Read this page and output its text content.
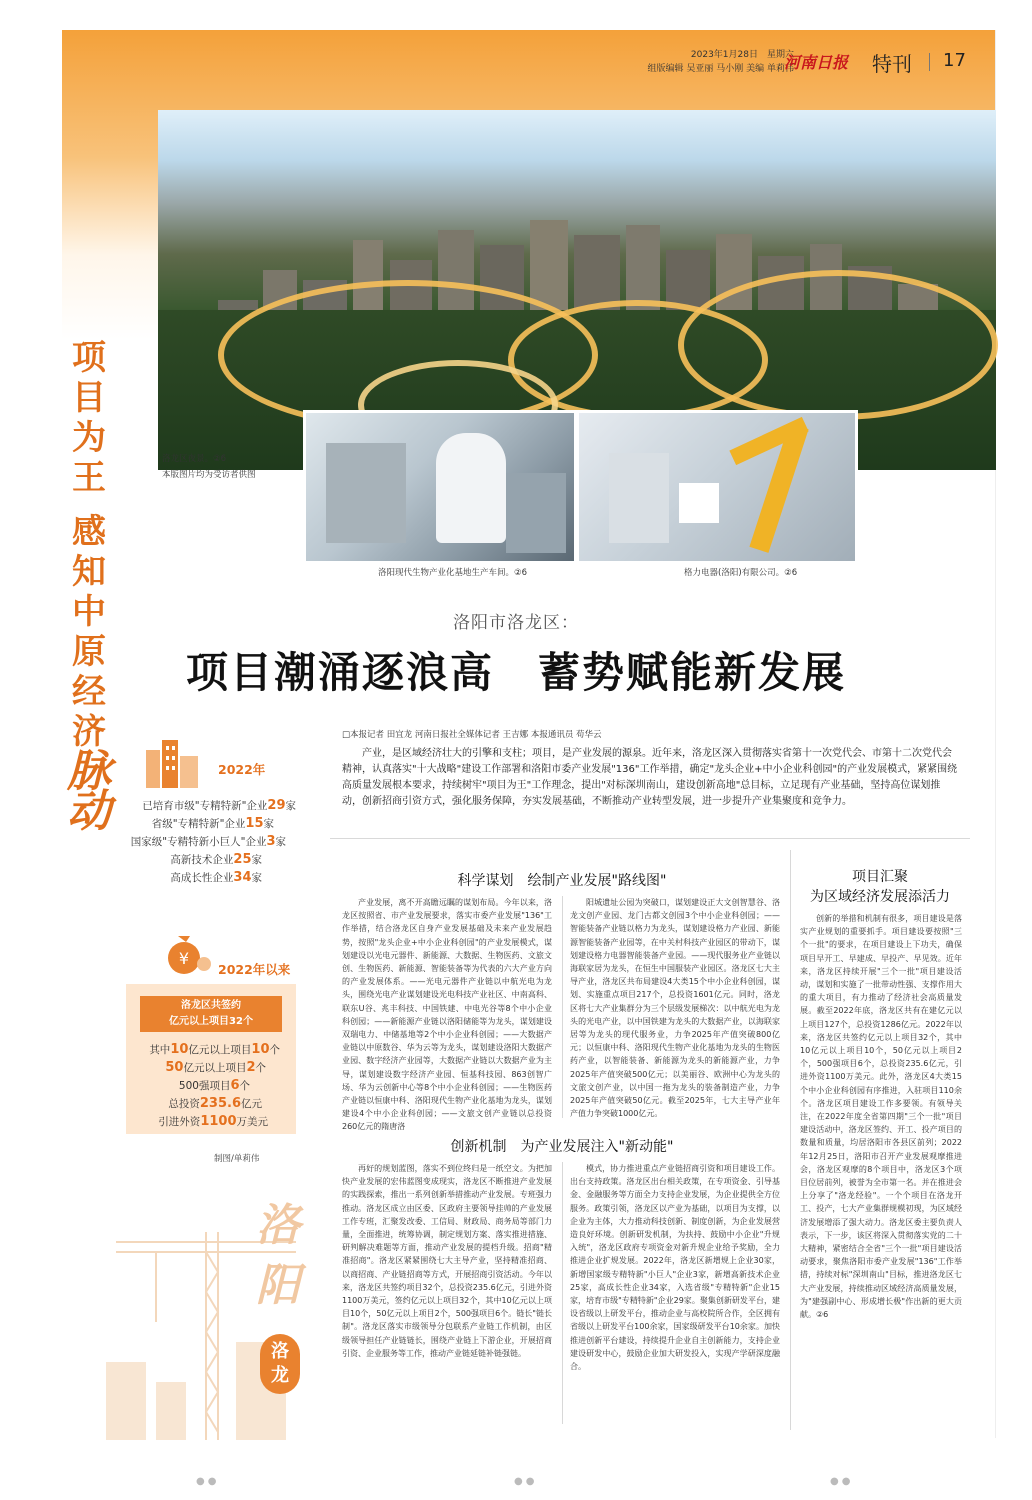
2023年1月28日　星期六
组版编辑 吴亚丽 马小刚 美编 单莉伟
河南日报 特刊 17
洛龙区夜景。②6
本版图片均为受访者供图
洛阳现代生物产业化基地生产车间。②6	格力电器(洛阳)有限公司。②6
项目为王
感知中原经济
脉动
洛阳市洛龙区：
项目潮涌逐浪高　蓄势赋能新发展
□本报记者 田宜龙 河南日报社全媒体记者 王吉娜 本报通讯员 苟华云

产业，是区域经济壮大的引擎和支柱；项目，是产业发展的源泉。近年来，洛龙区深入贯彻落实省第十一次党代会、市第十二次党代会精神，认真落实"十大战略"建设工作部署和洛阳市委产业发展"136"工作举措，确定"龙头企业+中小企业科创园"的产业发展模式，紧紧围绕高质量发展根本要求，持续树牢"项目为王"工作理念，提出"对标深圳南山，建设创新高地"总目标，立足现有产业基础，坚持高位谋划推动，创新招商引资方式，强化服务保障，夯实发展基础，不断推动产业转型发展，进一步提升产业集聚度和竞争力。

2022年
已培育市级"专精特新"企业29家
省级"专精特新"企业15家
国家级"专精特新小巨人"企业3家
高新技术企业25家
高成长性企业34家
¥
2022年以来
洛龙区共签约
亿元以上项目32个
其中10亿元以上项目10个
50亿元以上项目2个
500强项目6个
总投资235.6亿元
引进外资1100万美元
制图/单莉伟
科学谋划　绘制产业发展"路线图"

产业发展，离不开高瞻远瞩的谋划布局。今年以来，洛龙区按照省、市产业发展要求，落实市委产业发展"136"工作举措，结合洛龙区自身产业发展基础及未来产业发展趋势，按照"龙头企业+中小企业科创园"的产业发展模式，谋划建设以光电元器件、新能源、大数据、生物医药、文旅文创、生物医药、新能源、智能装备等为代表的六大产业方向的产业发展体系。——光电元器件产业链以中航光电为龙头，围绕光电产业谋划建设光电科技产业社区、中南高科、联东U谷、兆丰科技、中国铁建、中电光谷等8个中小企业科创园；——新能源产业链以洛阳储能等为龙头，谋划建设双瑞电力、中储基地等2个中小企业科创园；——大数据产业链以中原数谷、华为云等为龙头，谋划建设洛阳大数据产业园、数字经济产业园等，大数据产业链以大数据产业为主导，谋划建设数字经济产业园、恒基科技园、863创智广场、华为云创新中心等8个中小企业科创园；——生物医药产业链以恒康中科、洛阳现代生物产业化基地为龙头，谋划建设4个中小企业科创园；——文旅文创产业链以总投资260亿元的隋唐洛

阳城遗址公园为突破口，谋划建设正大文创智慧谷、洛龙文创产业园、龙门古都文创园3个中小企业科创园；——智能装备产业链以格力为龙头，谋划建设格力产业园、新能源智能装备产业园等，在中关村科技产业园区的带动下，谋划建设格力电器智能装备产业园。——现代服务业产业链以海联家居为龙头，在恒生中国服装产业园区。洛龙区七大主导产业，洛龙区共布局建设4大类15个中小企业科创园，谋划、实施重点项目217个，总投资1601亿元。同时，洛龙区将七大产业集群分为三个层级发展梯次：以中航光电为龙头的光电产业，以中国铁建为龙头的大数据产业，以海联家居等为龙头的现代服务业，力争2025年产值突破800亿元；以恒康中科、洛阳现代生物产业化基地为龙头的生物医药产业，以智能装备、新能源为龙头的新能源产业，力争2025年产值突破500亿元；以美丽谷、欧洲中心为龙头的文旅文创产业，以中国一拖为龙头的装备制造产业，力争2025年产值突破50亿元。截至2025年，七大主导产业年产值力争突破1000亿元。

创新机制　为产业发展注入"新动能"

再好的规划蓝图，落实不到位终归是一纸空文。为把加快产业发展的宏伟蓝图变成现实，洛龙区不断推进产业发展的实践探索，推出一系列创新举措推动产业发展。专班强力推动。洛龙区成立由区委、区政府主要领导挂帅的产业发展工作专班，汇聚发改委、工信局、财政局、商务局等部门力量，全面推进，统筹协调，制定规划方案、落实推进措施、研判解决难题等方面，推动产业发展的提档升级。招商"精准招商"。洛龙区紧紧围绕七大主导产业，坚持精准招商、以商招商、产业链招商等方式，开展招商引资活动。今年以来，洛龙区共签约项目32个，总投资235.6亿元，引进外资1100万美元，签约亿元以上项目32个，其中10亿元以上项目10个，50亿元以上项目2个，500强项目6个。链长"链长制"。洛龙区落实市级领导分包联系产业链工作机制，由区级领导担任产业链链长，围绕产业链上下游企业，开展招商引资、企业服务等工作，推动产业链延链补链强链。

模式，协力推进重点产业链招商引资和项目建设工作。出台支持政策。洛龙区出台相关政策，在专项资金、引导基金、金融服务等方面全力支持企业发展，为企业提供全方位服务。政策引领，洛龙区以产业为基础，以项目为支撑，以企业为主体，大力推动科技创新、制度创新，为企业发展营造良好环境。创新研发机制，为扶持、鼓励中小企业"升规入统"，洛龙区政府专项资金对新升规企业给予奖励，全力推进企业扩规发展。2022年，洛龙区新增规上企业30家，新增国家级专精特新"小巨人"企业3家，新增高新技术企业25家，高成长性企业34家，入选省级"专精特新"企业15家，培育市级"专精特新"企业29家。聚集创新研发平台，建设省级以上研发平台，推动企业与高校院所合作，全区拥有省级以上研发平台100余家，国家级研发平台10余家。加快推进创新平台建设，持续提升企业自主创新能力，支持企业建设研发中心，鼓励企业加大研发投入，实现产学研深度融合。

项目汇聚
为区域经济发展添活力

创新的举措和机制有很多，项目建设是落实产业规划的重要抓手。项目建设要按照"三个一批"的要求，在项目建设上下功夫，确保项目早开工、早建成、早投产、早见效。近年来，洛龙区持续开展"三个一批"项目建设活动，谋划和实施了一批带动性强、支撑作用大的重大项目，有力推动了经济社会高质量发展。截至2022年底，洛龙区共有在建亿元以上项目127个，总投资1286亿元。2022年以来，洛龙区共签约亿元以上项目32个，其中10亿元以上项目10个，50亿元以上项目2个，500强项目6个，总投资235.6亿元，引进外资1100万美元。此外，洛龙区4大类15个中小企业科创园有序推进，入驻项目110余个。洛龙区项目建设工作多要领。有领导关注，在2022年度全省第四期"三个一批"项目建设活动中，洛龙区签约、开工、投产项目的数量和质量，均居洛阳市各县区前列；2022年12月25日，洛阳市召开产业发展观摩推进会，洛龙区观摩的8个项目中，洛龙区3个项目位居前列，被誉为全市第一名。并在推进会上分享了"洛龙经验"。一个个项目在洛龙开工、投产，七大产业集群规模初现，为区域经济发展增添了强大动力。洛龙区委主要负责人表示，下一步，该区将深入贯彻落实党的二十大精神，紧密结合全省"三个一批"项目建设活动要求，聚焦洛阳市委产业发展"136"工作举措，持续对标"深圳南山"目标，推进洛龙区七大产业发展，持续推动区域经济高质量发展，为"建强副中心、形成增长极"作出新的更大贡献。②6

洛阳
洛龙
●●	●●	●●
